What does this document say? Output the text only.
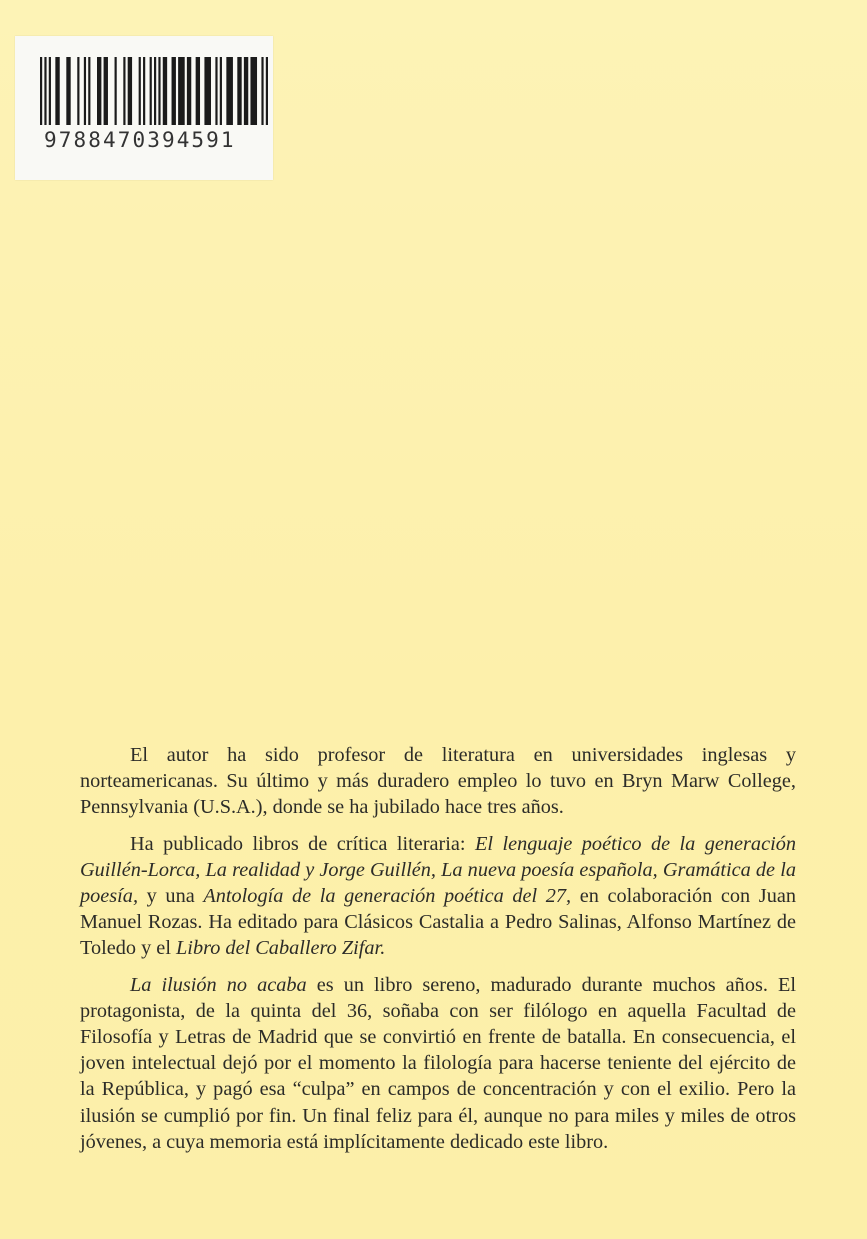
9788470394591

El autor ha sido profesor de literatura en universidades inglesas y norteamericanas. Su último y más duradero empleo lo tuvo en Bryn Marw College, Pennsylvania (U.S.A.), donde se ha jubilado hace tres años.

Ha publicado libros de crítica literaria: El lenguaje poético de la generación Guillén-Lorca, La realidad y Jorge Guillén, La nueva poesía española, Gramática de la poesía, y una Antología de la generación poética del 27, en colaboración con Juan Manuel Rozas. Ha editado para Clásicos Castalia a Pedro Salinas, Alfonso Martínez de Toledo y el Libro del Caballero Zifar.

La ilusión no acaba es un libro sereno, madurado durante muchos años. El protagonista, de la quinta del 36, soñaba con ser filólogo en aquella Facultad de Filosofía y Letras de Madrid que se convirtió en frente de batalla. En consecuencia, el joven intelectual dejó por el momento la filología para hacerse teniente del ejército de la República, y pagó esa “culpa” en campos de concentración y con el exilio. Pero la ilusión se cumplió por fin. Un final feliz para él, aunque no para miles y miles de otros jóvenes, a cuya memoria está implícitamente dedicado este libro.
